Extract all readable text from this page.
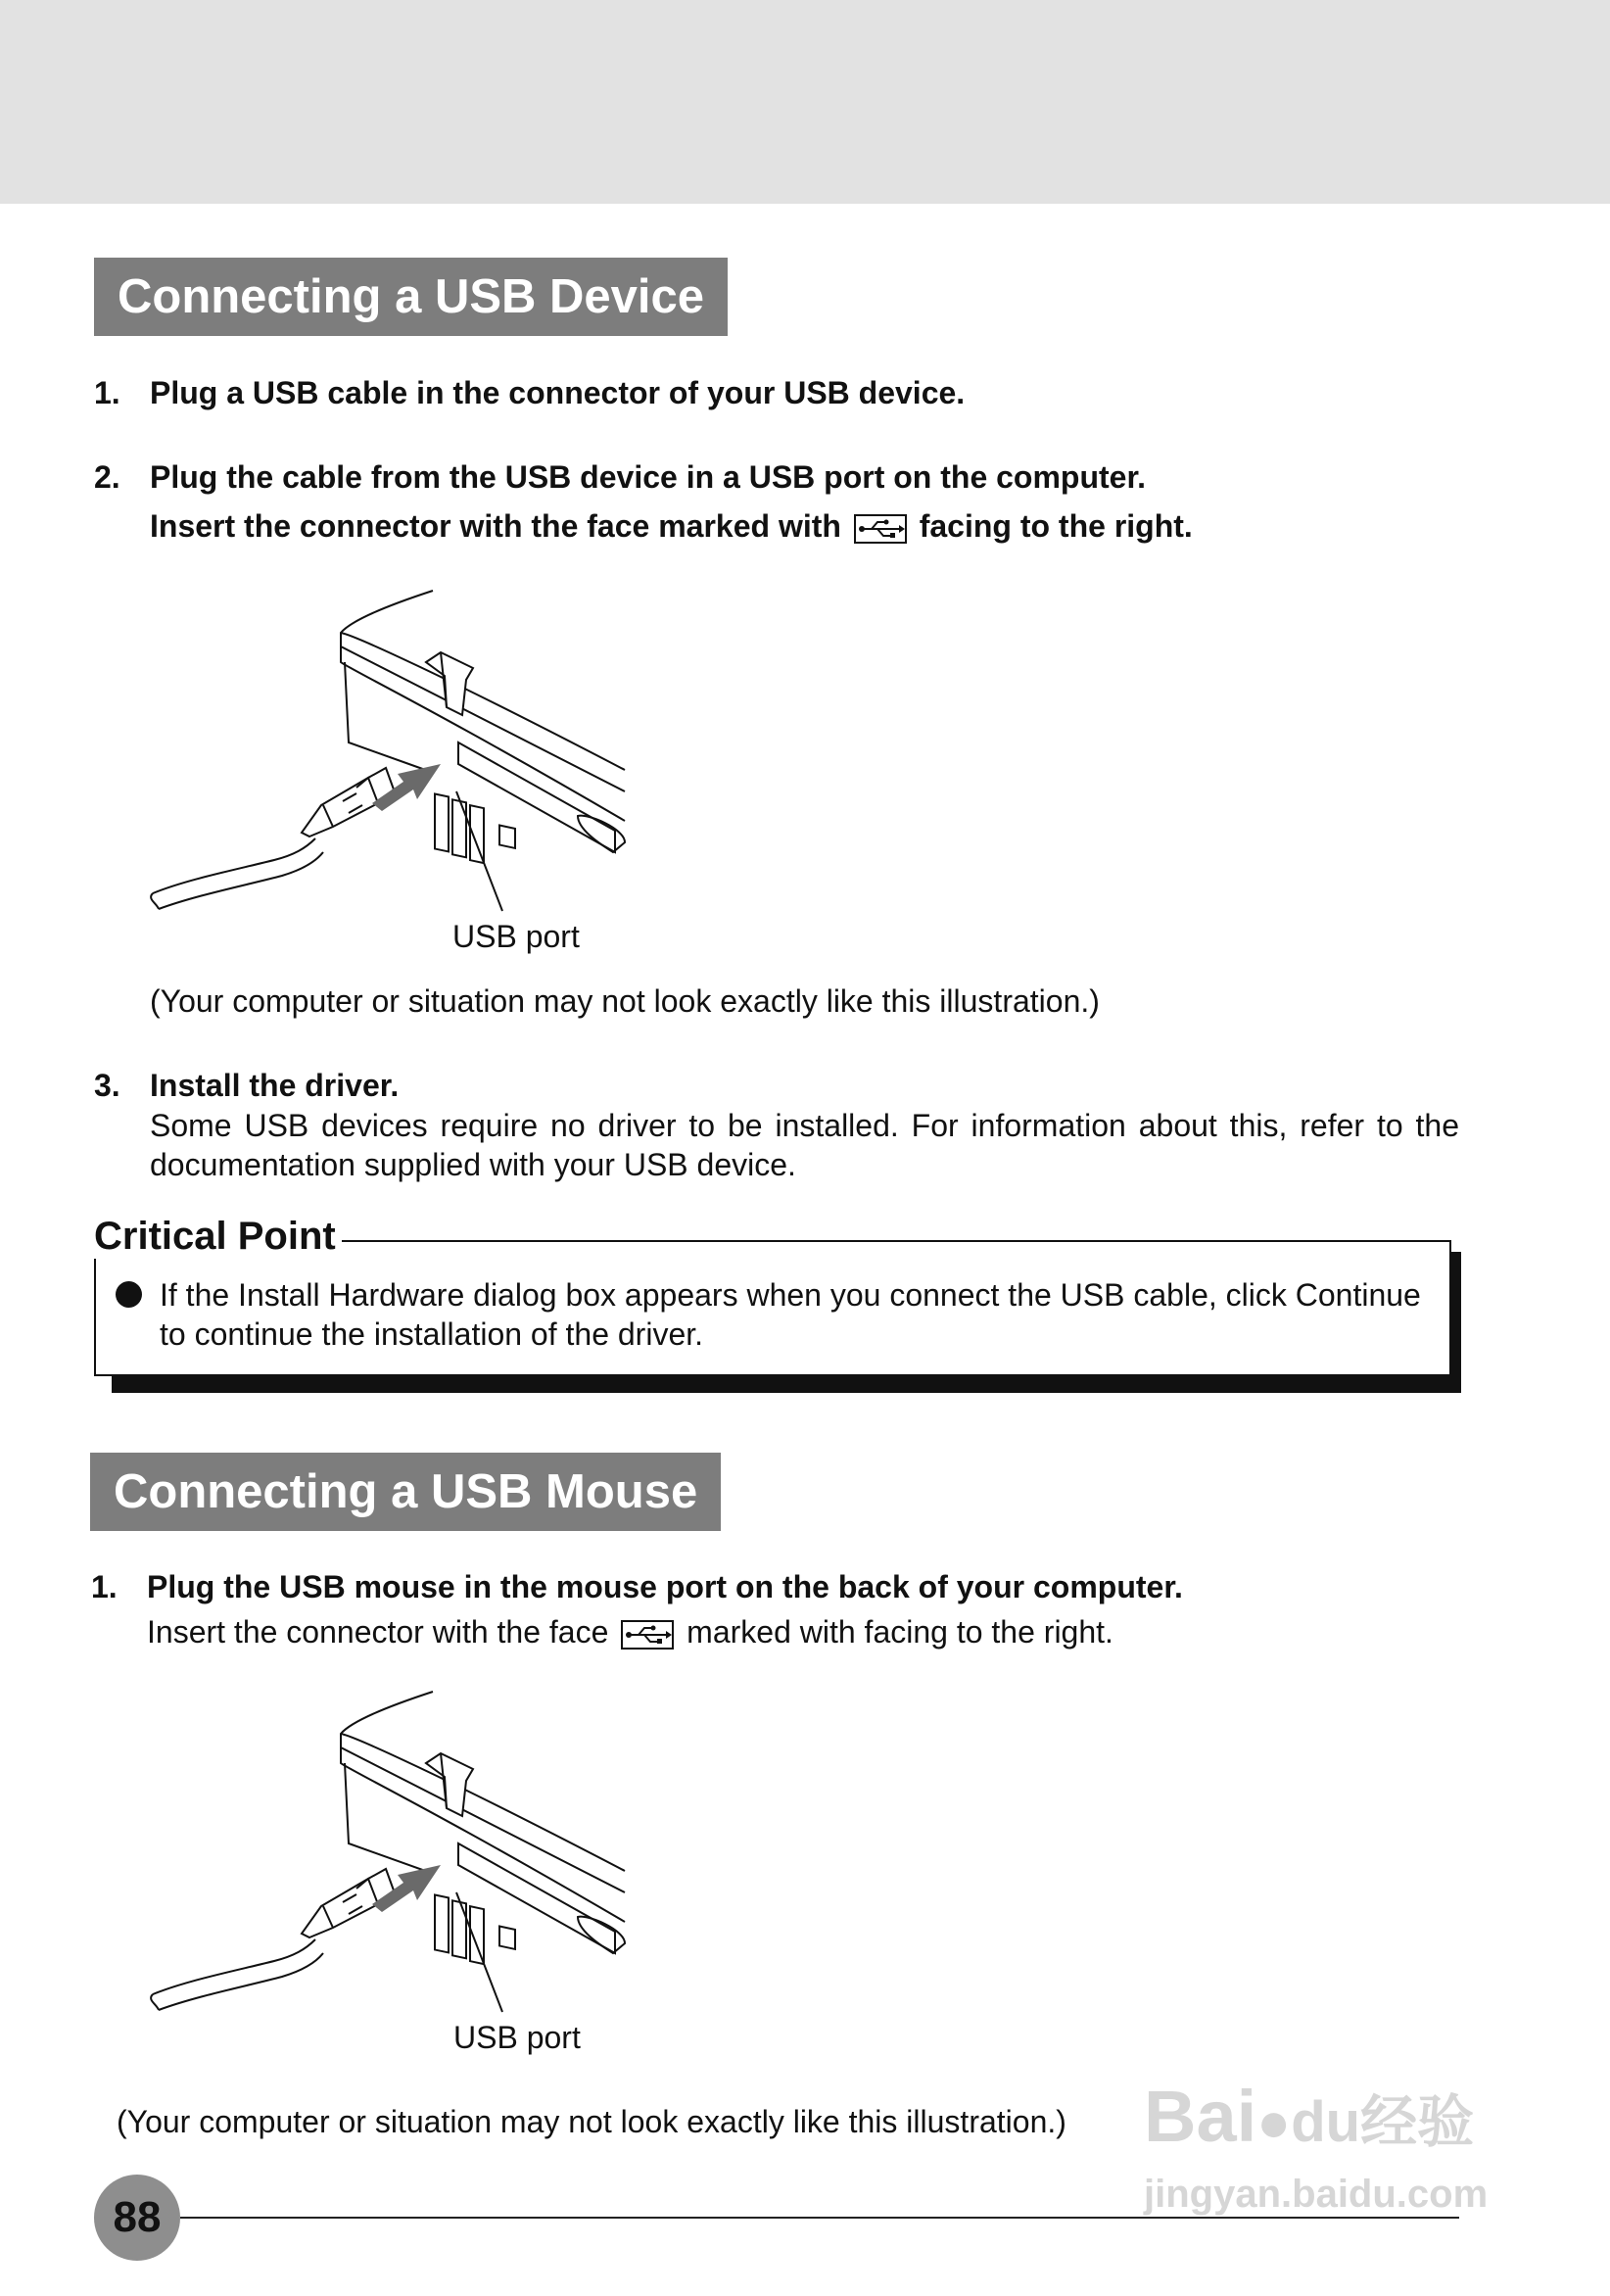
Connecting a USB Device
1. Plug a USB cable in the connector of your USB device.
2. Plug the cable from the USB device in a USB port on the computer.
Insert the connector with the face marked with facing to the right.
USB port
(Your computer or situation may not look exactly like this illustration.)
3. Install the driver.
Some USB devices require no driver to be installed. For information about this, refer to the documentation supplied with your USB device.
Critical Point
If the Install Hardware dialog box appears when you connect the USB cable, click Continue
to continue the installation of the driver.
Connecting a USB Mouse
1. Plug the USB mouse in the mouse port on the back of your computer.
Insert the connector with the face marked with facing to the right.
USB port
(Your computer or situation may not look exactly like this illustration.)
88
Bai●du经验
jingyan.baidu.com
